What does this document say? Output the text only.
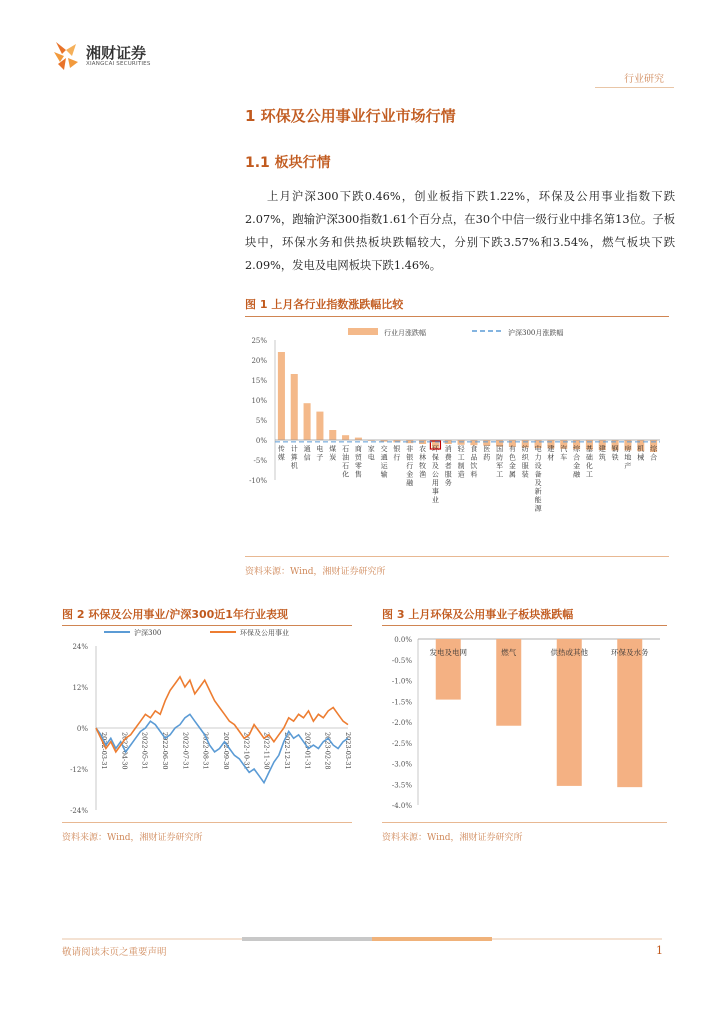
湘财证券
XIANGCAI SECURITIES
行业研究
1 环保及公用事业行业市场行情
1.1 板块行情

上月沪深300下跌0.46%，创业板指下跌1.22%，环保及公用事业指数下跌2.07%，跑输沪深300指数1.61个百分点，在30个中信一级行业中排名第13位。子板块中，环保水务和供热板块跌幅较大，分别下跌3.57%和3.54%，燃气板块下跌2.09%，发电及电网板块下跌1.46%。

图 1 上月各行业指数涨跌幅比较
行业月涨跌幅	沪深300月涨跌幅
25%
20%
15%
10%
5%
0%
-5%
-10%
传媒
计算机
通信
电子
煤炭
石油石化
商贸零售
家电
交通运输
银行
非银行金融
农林牧渔
环保及公用事业
消费者服务
轻工制造
食品饮料
医药
国防军工
有色金属
纺织服装
电力设备及新能源
建材
汽车
综合金融
基础化工
建筑
钢铁
房地产
机械
综合
资料来源：Wind，湘财证券研究所
图 2 环保及公用事业/沪深300近1年行业表现
沪深300	环保及公用事业
24%
12%
0%
-12%
-24%
2022-03-31 2022-04-30 2022-05-31 2022-06-30 2022-07-31 2022-08-31 2022-09-30 2022-10-31 2022-11-30 2022-12-31 2023-01-31 2023-02-28 2023-03-31
资料来源：Wind，湘财证券研究所
图 3 上月环保及公用事业子板块涨跌幅
0.0%
-0.5%
-1.0%
-1.5%
-2.0%
-2.5%
-3.0%
-3.5%
-4.0%
发电及电网	燃气	供热或其他	环保及水务
资料来源：Wind，湘财证券研究所
敬请阅读末页之重要声明	1
